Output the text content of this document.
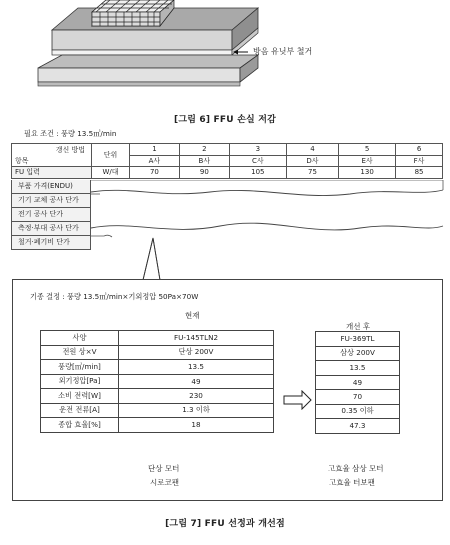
방음 유닛부 철거
[그림 6] FFU 손실 저감
필요 조건 : 풍량 13.5㎥/min
갱신 방법	단위	1	2	3	4	5	6
항목		A사	B사	C사	D사	E사	F사
FU 입력	W/대	70	90	105	75	130	85
부품 가격(ENDU)
기기 교체 공사 단가
전기 공사 단가
측정·부대 공사 단가
철거·폐기비 단가
기종 결정 : 풍량 13.5㎥/min×기외정압 50Pa×70W
현재
개선 후
사양	FU-145TLN2
전원 상×V	단상 200V
풍량[㎥/min]	13.5
외기정압[Pa]	49
소비 전력[W]	230
운전 전류[A]	1.3 이하
종합 효율[%]	18
FU-369TL
삼상 200V
13.5
49
70
0.35 이하
47.3
단상 모터
시로코팬
고효율 삼상 모터
고효율 터보팬
[그림 7] FFU 선정과 개선점
